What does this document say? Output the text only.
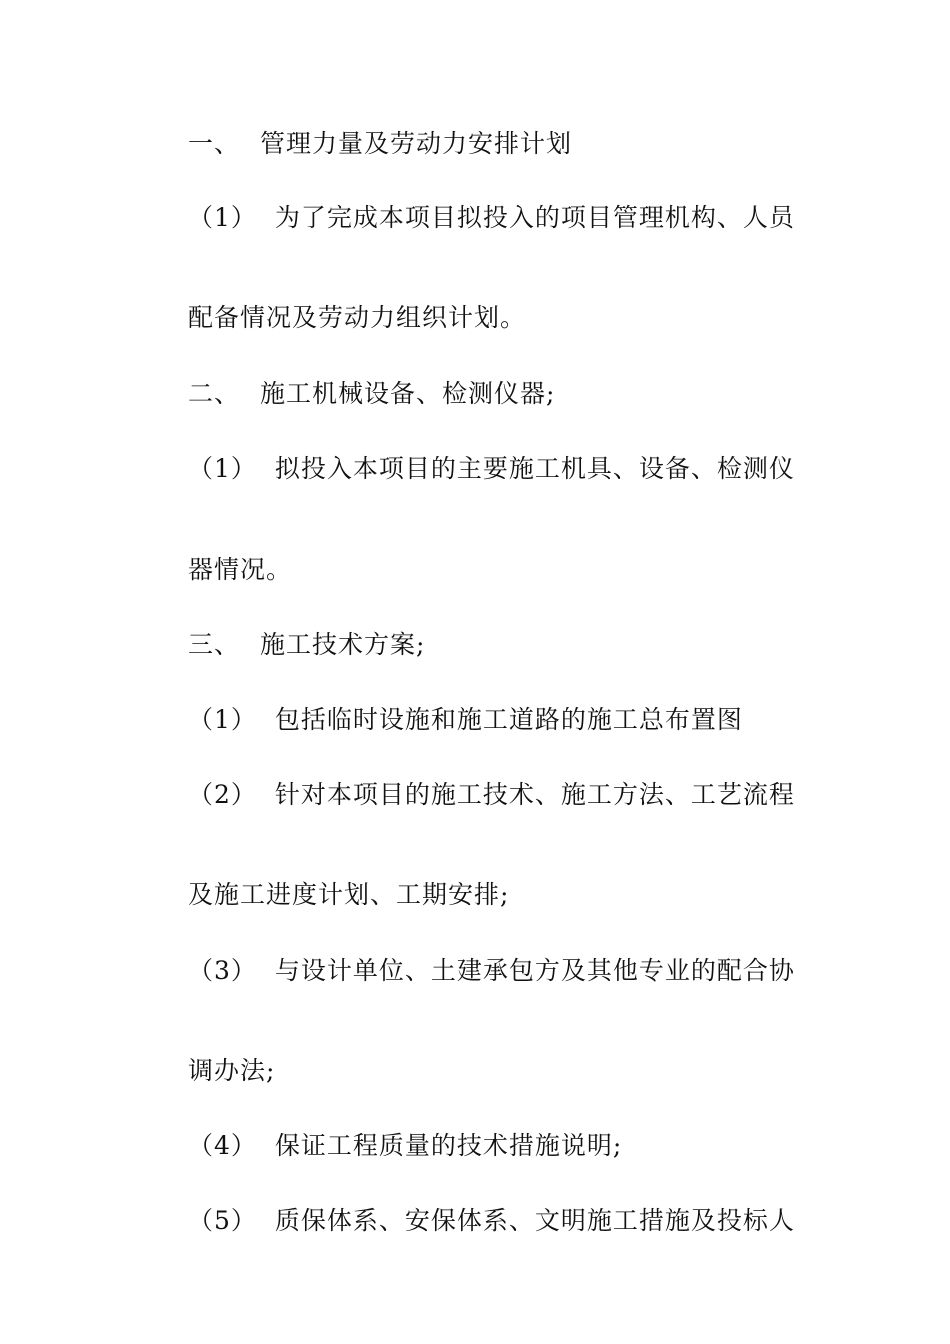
一、 管理力量及劳动力安排计划

（1） 为了完成本项目拟投入的项目管理机构、人员

配备情况及劳动力组织计划。

二、 施工机械设备、检测仪器;

（1） 拟投入本项目的主要施工机具、设备、检测仪

器情况。

三、 施工技术方案;

（1） 包括临时设施和施工道路的施工总布置图

（2） 针对本项目的施工技术、施工方法、工艺流程

及施工进度计划、工期安排;

（3） 与设计单位、土建承包方及其他专业的配合协

调办法;

（4） 保证工程质量的技术措施说明;

（5） 质保体系、安保体系、文明施工措施及投标人
